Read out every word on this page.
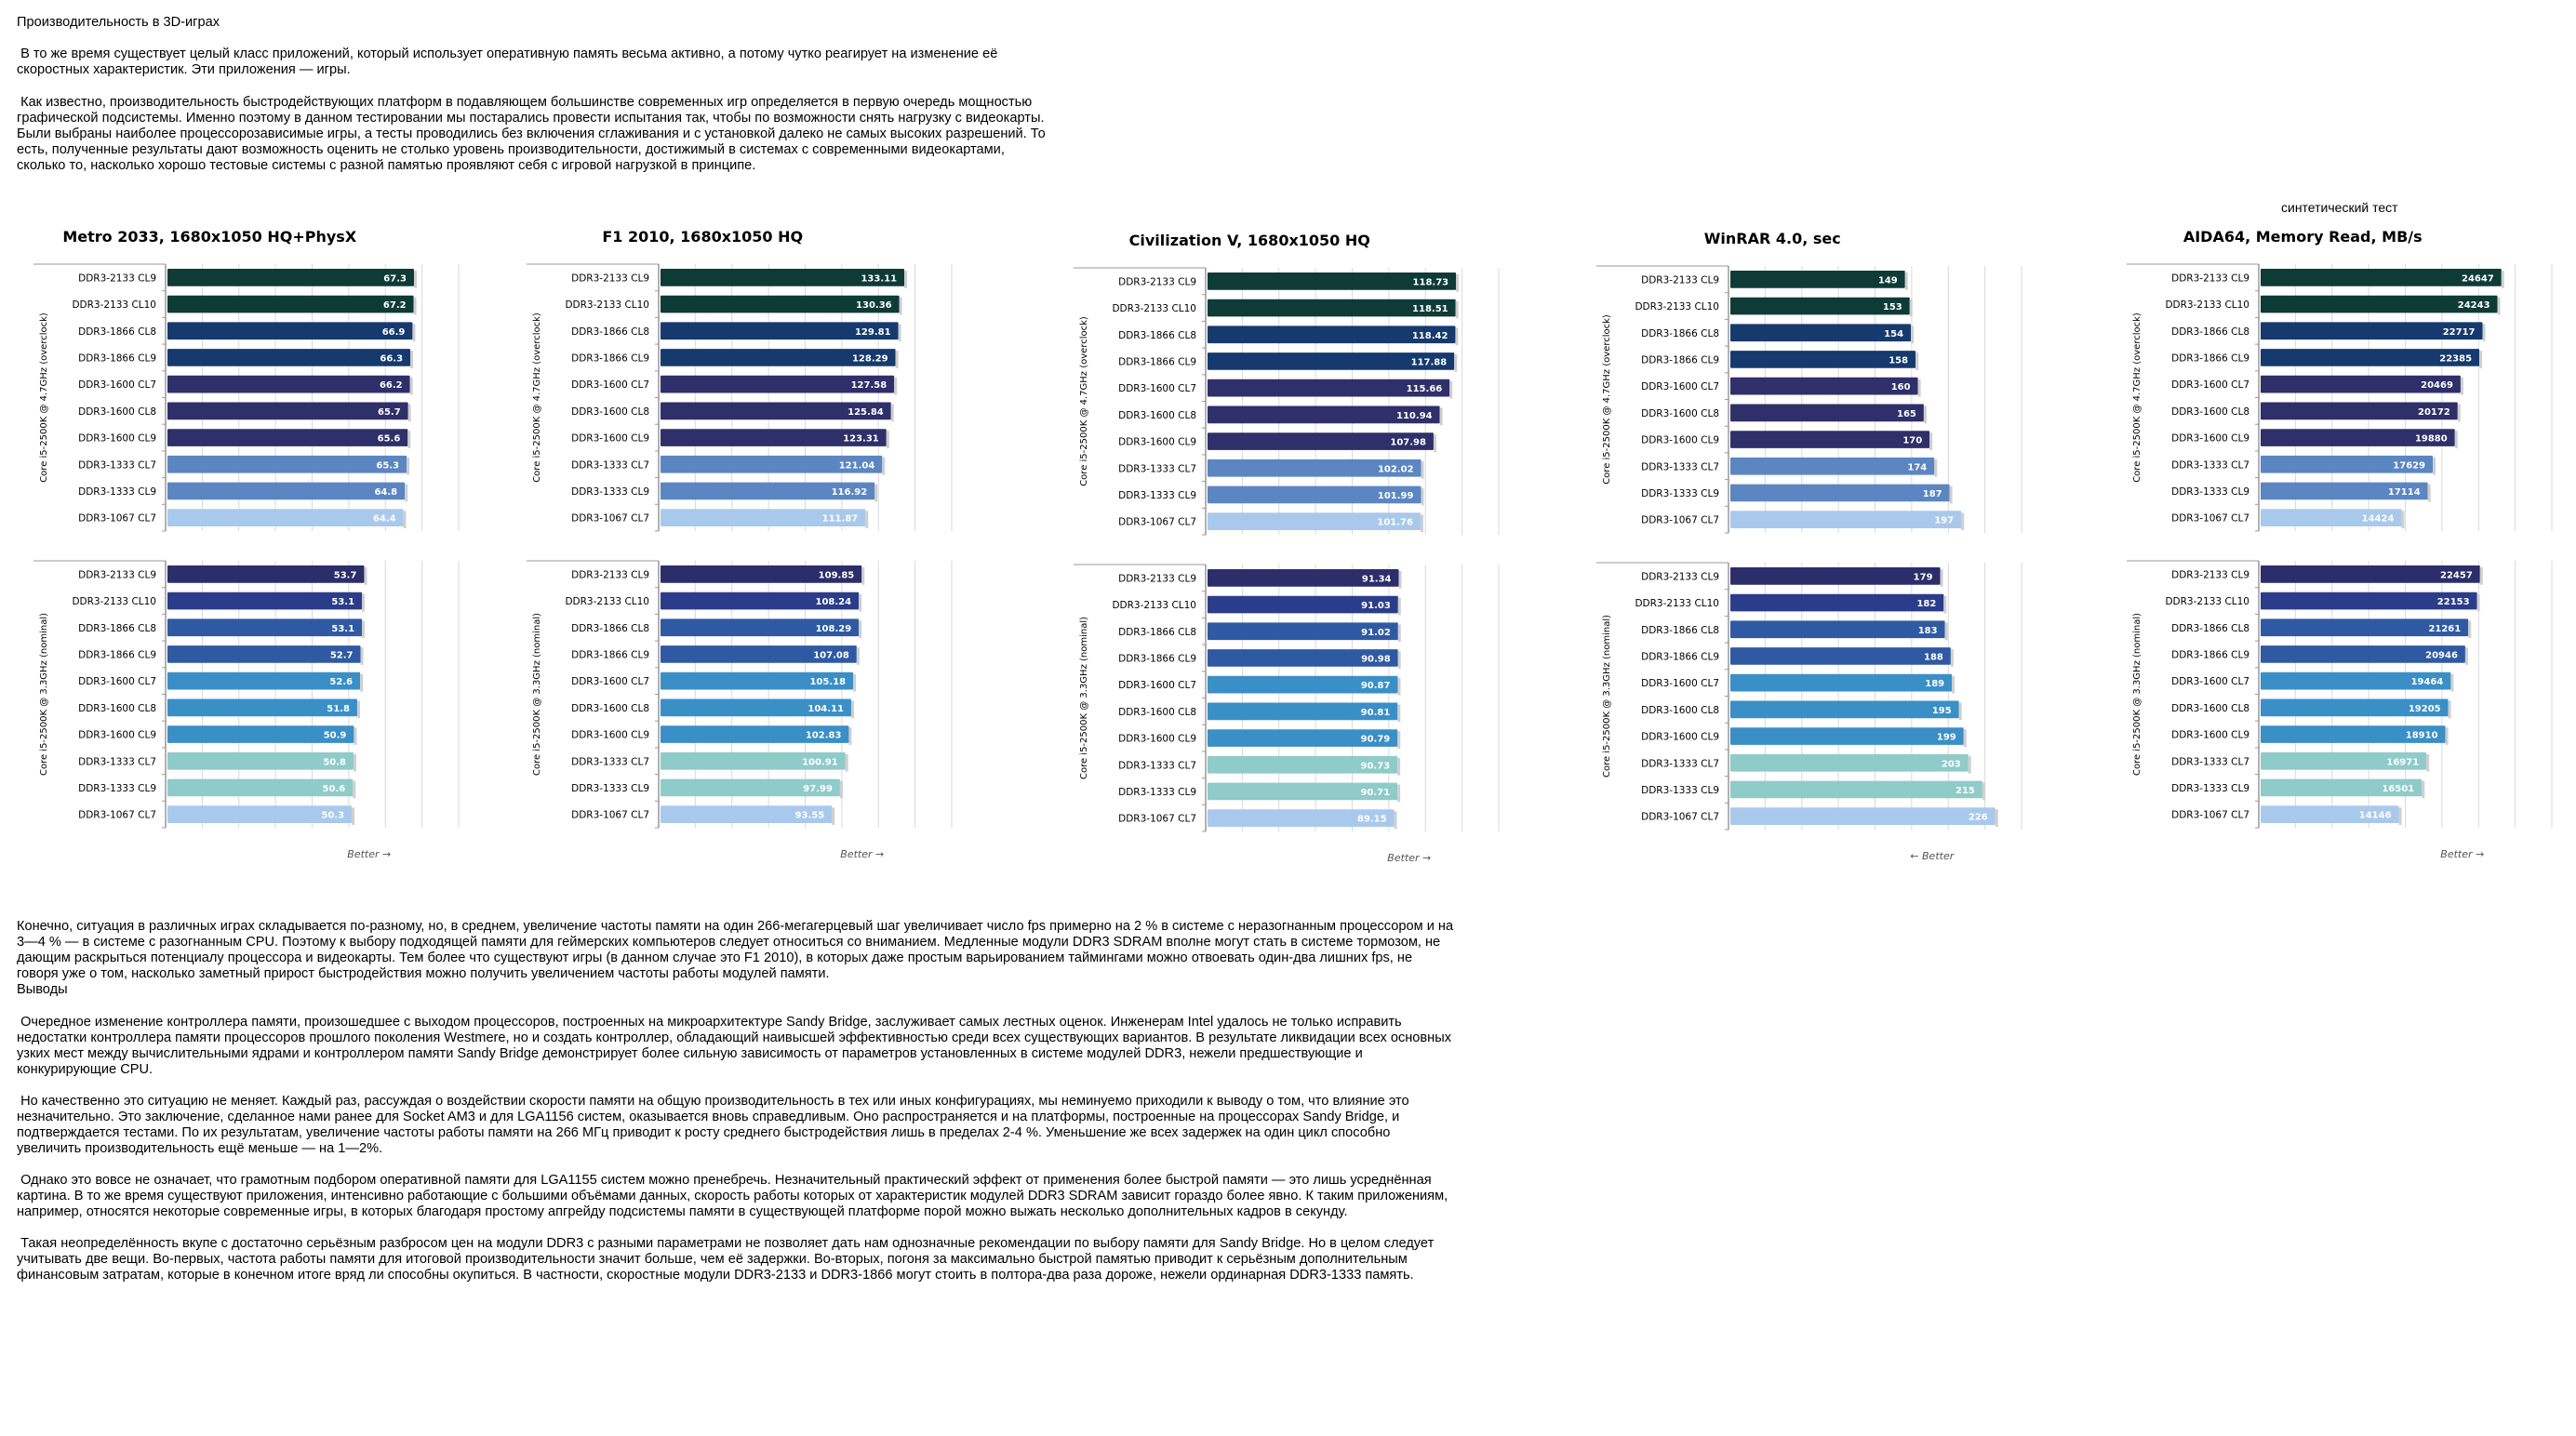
Производительность в 3D-играх
В то же время существует целый класс приложений, который использует оперативную память весьма активно, а потому чутко реагирует на изменение её
скоростных характеристик. Эти приложения — игры.
Как известно, производительность быстродействующих платформ в подавляющем большинстве современных игр определяется в первую очередь мощностью
графической подсистемы. Именно поэтому в данном тестировании мы постарались провести испытания так, чтобы по возможности снять нагрузку с видеокарты.
Были выбраны наиболее процессорозависимые игры, а тесты проводились без включения сглаживания и с установкой далеко не самых высоких разрешений. То
есть, полученные результаты дают возможность оценить не столько уровень производительности, достижимый в системах с современными видеокартами,
сколько то, насколько хорошо тестовые системы с разной памятью проявляют себя с игровой нагрузкой в принципе.
синтетический тест
Metro 2033, 1680x1050 HQ+PhysX
Core i5-2500K @ 4.7GHz (overclock)
DDR3-2133 CL9	67.3
DDR3-2133 CL10	67.2
DDR3-1866 CL8	66.9
DDR3-1866 CL9	66.3
DDR3-1600 CL7	66.2
DDR3-1600 CL8	65.7
DDR3-1600 CL9	65.6
DDR3-1333 CL7	65.3
DDR3-1333 CL9	64.8
DDR3-1067 CL7	64.4
Core i5-2500K @ 3.3GHz (nominal)
DDR3-2133 CL9	53.7
DDR3-2133 CL10	53.1
DDR3-1866 CL8	53.1
DDR3-1866 CL9	52.7
DDR3-1600 CL7	52.6
DDR3-1600 CL8	51.8
DDR3-1600 CL9	50.9
DDR3-1333 CL7	50.8
DDR3-1333 CL9	50.6
DDR3-1067 CL7	50.3
Better →
F1 2010, 1680x1050 HQ
Core i5-2500K @ 4.7GHz (overclock)
DDR3-2133 CL9	133.11
DDR3-2133 CL10	130.36
DDR3-1866 CL8	129.81
DDR3-1866 CL9	128.29
DDR3-1600 CL7	127.58
DDR3-1600 CL8	125.84
DDR3-1600 CL9	123.31
DDR3-1333 CL7	121.04
DDR3-1333 CL9	116.92
DDR3-1067 CL7	111.87
Core i5-2500K @ 3.3GHz (nominal)
DDR3-2133 CL9	109.85
DDR3-2133 CL10	108.24
DDR3-1866 CL8	108.29
DDR3-1866 CL9	107.08
DDR3-1600 CL7	105.18
DDR3-1600 CL8	104.11
DDR3-1600 CL9	102.83
DDR3-1333 CL7	100.91
DDR3-1333 CL9	97.99
DDR3-1067 CL7	93.55
Better →
Civilization V, 1680x1050 HQ
Core i5-2500K @ 4.7GHz (overclock)
DDR3-2133 CL9	118.73
DDR3-2133 CL10	118.51
DDR3-1866 CL8	118.42
DDR3-1866 CL9	117.88
DDR3-1600 CL7	115.66
DDR3-1600 CL8	110.94
DDR3-1600 CL9	107.98
DDR3-1333 CL7	102.02
DDR3-1333 CL9	101.99
DDR3-1067 CL7	101.76
Core i5-2500K @ 3.3GHz (nominal)
DDR3-2133 CL9	91.34
DDR3-2133 CL10	91.03
DDR3-1866 CL8	91.02
DDR3-1866 CL9	90.98
DDR3-1600 CL7	90.87
DDR3-1600 CL8	90.81
DDR3-1600 CL9	90.79
DDR3-1333 CL7	90.73
DDR3-1333 CL9	90.71
DDR3-1067 CL7	89.15
Better →
WinRAR 4.0, sec
Core i5-2500K @ 4.7GHz (overclock)
DDR3-2133 CL9	149
DDR3-2133 CL10	153
DDR3-1866 CL8	154
DDR3-1866 CL9	158
DDR3-1600 CL7	160
DDR3-1600 CL8	165
DDR3-1600 CL9	170
DDR3-1333 CL7	174
DDR3-1333 CL9	187
DDR3-1067 CL7	197
Core i5-2500K @ 3.3GHz (nominal)
DDR3-2133 CL9	179
DDR3-2133 CL10	182
DDR3-1866 CL8	183
DDR3-1866 CL9	188
DDR3-1600 CL7	189
DDR3-1600 CL8	195
DDR3-1600 CL9	199
DDR3-1333 CL7	203
DDR3-1333 CL9	215
DDR3-1067 CL7	226
← Better
AIDA64, Memory Read, MB/s
Core i5-2500K @ 4.7GHz (overclock)
DDR3-2133 CL9	24647
DDR3-2133 CL10	24243
DDR3-1866 CL8	22717
DDR3-1866 CL9	22385
DDR3-1600 CL7	20469
DDR3-1600 CL8	20172
DDR3-1600 CL9	19880
DDR3-1333 CL7	17629
DDR3-1333 CL9	17114
DDR3-1067 CL7	14424
Core i5-2500K @ 3.3GHz (nominal)
DDR3-2133 CL9	22457
DDR3-2133 CL10	22153
DDR3-1866 CL8	21261
DDR3-1866 CL9	20946
DDR3-1600 CL7	19464
DDR3-1600 CL8	19205
DDR3-1600 CL9	18910
DDR3-1333 CL7	16971
DDR3-1333 CL9	16501
DDR3-1067 CL7	14146
Better →
Конечно, ситуация в различных играх складывается по-разному, но, в среднем, увеличение частоты памяти на один 266-мегагерцевый шаг увеличивает число fps примерно на 2 % в системе с неразогнанным процессором и на
3—4 % — в системе с разогнанным CPU. Поэтому к выбору подходящей памяти для геймерских компьютеров следует относиться со вниманием. Медленные модули DDR3 SDRAM вполне могут стать в системе тормозом, не
дающим раскрыться потенциалу процессора и видеокарты. Тем более что существуют игры (в данном случае это F1 2010), в которых даже простым варьированием таймингами можно отвоевать один-два лишних fps, не
говоря уже о том, насколько заметный прирост быстродействия можно получить увеличением частоты работы модулей памяти.
Выводы
Очередное изменение контроллера памяти, произошедшее с выходом процессоров, построенных на микроархитектуре Sandy Bridge, заслуживает самых лестных оценок. Инженерам Intel удалось не только исправить
недостатки контроллера памяти процессоров прошлого поколения Westmere, но и создать контроллер, обладающий наивысшей эффективностью среди всех существующих вариантов. В результате ликвидации всех основных
узких мест между вычислительными ядрами и контроллером памяти Sandy Bridge демонстрирует более сильную зависимость от параметров установленных в системе модулей DDR3, нежели предшествующие и
конкурирующие CPU.
Но качественно это ситуацию не меняет. Каждый раз, рассуждая о воздействии скорости памяти на общую производительность в тех или иных конфигурациях, мы неминуемо приходили к выводу о том, что влияние это
незначительно. Это заключение, сделанное нами ранее для Socket AM3 и для LGA1156 систем, оказывается вновь справедливым. Оно распространяется и на платформы, построенные на процессорах Sandy Bridge, и
подтверждается тестами. По их результатам, увеличение частоты работы памяти на 266 МГц приводит к росту среднего быстродействия лишь в пределах 2-4 %. Уменьшение же всех задержек на один цикл способно
увеличить производительность ещё меньше — на 1—2%.
Однако это вовсе не означает, что грамотным подбором оперативной памяти для LGA1155 систем можно пренебречь. Незначительный практический эффект от применения более быстрой памяти — это лишь усреднённая
картина. В то же время существуют приложения, интенсивно работающие с большими объёмами данных, скорость работы которых от характеристик модулей DDR3 SDRAM зависит гораздо более явно. К таким приложениям,
например, относятся некоторые современные игры, в которых благодаря простому апгрейду подсистемы памяти в существующей платформе порой можно выжать несколько дополнительных кадров в секунду.
Такая неопределённость вкупе с достаточно серьёзным разбросом цен на модули DDR3 с разными параметрами не позволяет дать нам однозначные рекомендации по выбору памяти для Sandy Bridge. Но в целом следует
учитывать две вещи. Во-первых, частота работы памяти для итоговой производительности значит больше, чем её задержки. Во-вторых, погоня за максимально быстрой памятью приводит к серьёзным дополнительным
финансовым затратам, которые в конечном итоге вряд ли способны окупиться. В частности, скоростные модули DDR3-2133 и DDR3-1866 могут стоить в полтора-два раза дороже, нежели ординарная DDR3-1333 память.
